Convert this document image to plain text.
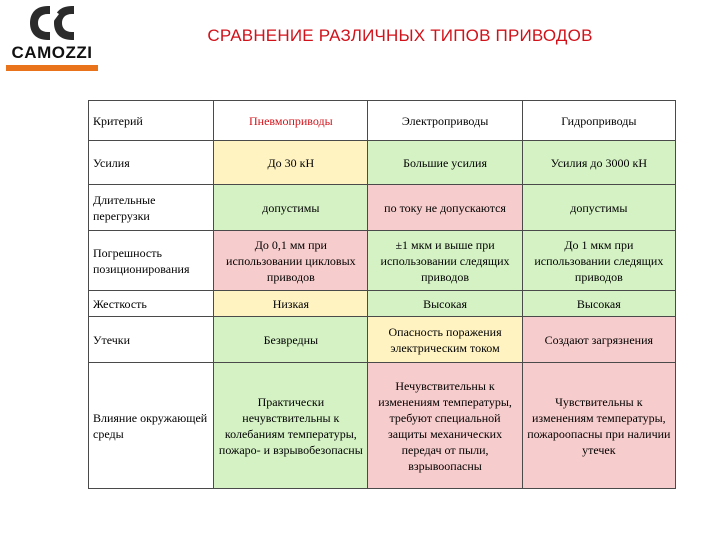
CAMOZZI
СРАВНЕНИЕ РАЗЛИЧНЫХ ТИПОВ ПРИВОДОВ
Критерий	Пневмоприводы	Электроприводы	Гидроприводы
Усилия	До 30 кН	Большие усилия	Усилия до 3000 кН
Длительные перегрузки	допустимы	по току не допускаются	допустимы
Погрешность позиционирования	До 0,1 мм при использовании цикловых приводов	±1 мкм и выше при использовании следящих приводов	До 1 мкм при использовании следящих приводов
Жесткость	Низкая	Высокая	Высокая
Утечки	Безвредны	Опасность поражения электрическим током	Создают загрязнения
Влияние окружающей среды	Практически нечувствительны к колебаниям температуры, пожаро- и взрывобезопасны	Нечувствительны к изменениям температуры, требуют специальной защиты механических передач от пыли, взрывоопасны	Чувствительны к изменениям температуры, пожароопасны при наличии утечек
